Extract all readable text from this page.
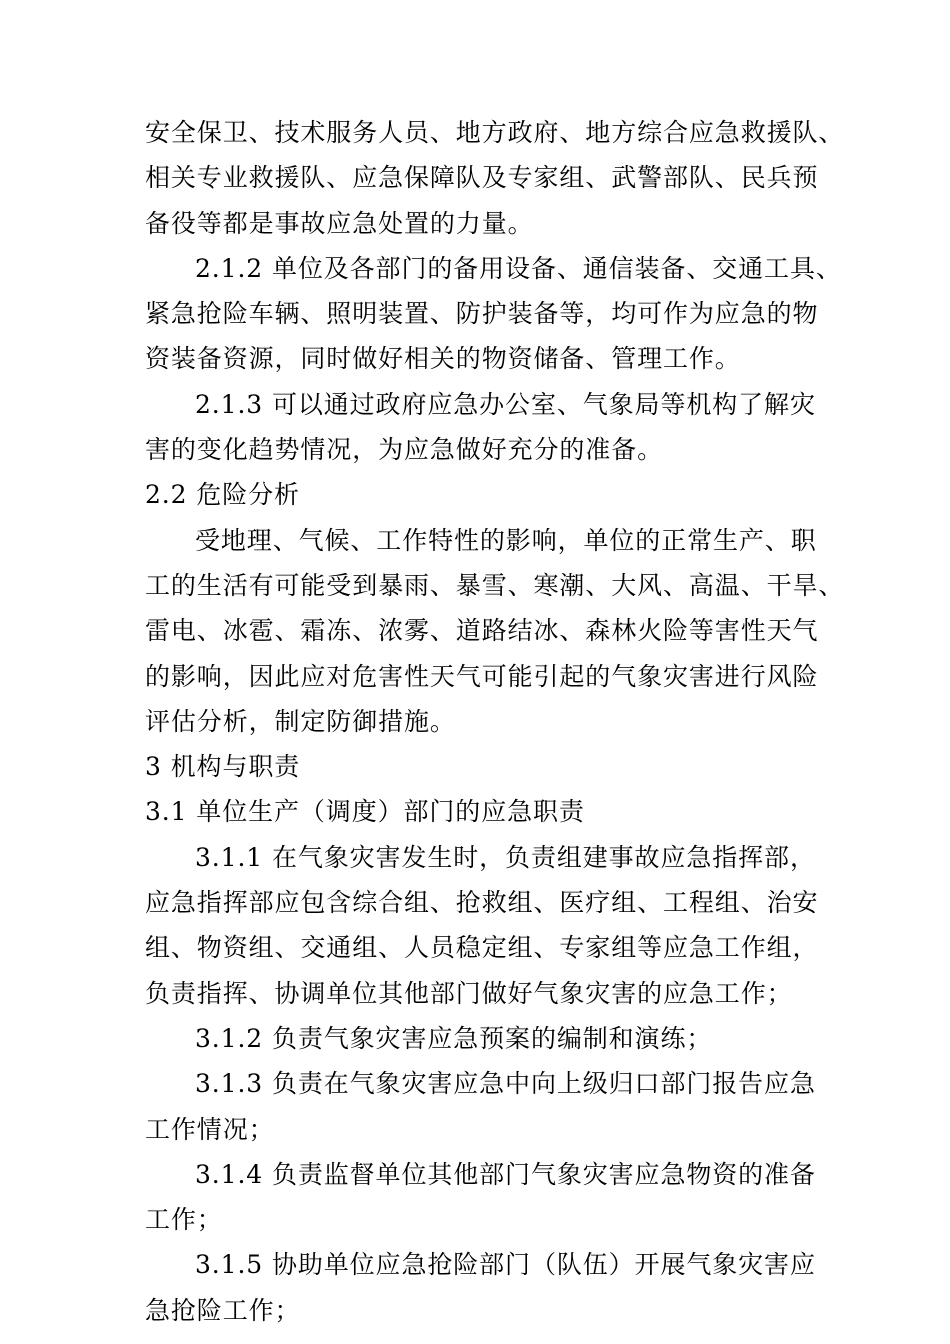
安全保卫、技术服务人员、地方政府、地方综合应急救援队、
相关专业救援队、应急保障队及专家组、武警部队、民兵预
备役等都是事故应急处置的力量。
2.1.2 单位及各部门的备用设备、通信装备、交通工具、
紧急抢险车辆、照明装置、防护装备等，均可作为应急的物
资装备资源，同时做好相关的物资储备、管理工作。
2.1.3 可以通过政府应急办公室、气象局等机构了解灾
害的变化趋势情况，为应急做好充分的准备。
2.2 危险分析
受地理、气候、工作特性的影响，单位的正常生产、职
工的生活有可能受到暴雨、暴雪、寒潮、大风、高温、干旱、
雷电、冰雹、霜冻、浓雾、道路结冰、森林火险等害性天气
的影响，因此应对危害性天气可能引起的气象灾害进行风险
评估分析，制定防御措施。
3 机构与职责
3.1 单位生产（调度）部门的应急职责
3.1.1 在气象灾害发生时，负责组建事故应急指挥部，
应急指挥部应包含综合组、抢救组、医疗组、工程组、治安
组、物资组、交通组、人员稳定组、专家组等应急工作组，
负责指挥、协调单位其他部门做好气象灾害的应急工作；
3.1.2 负责气象灾害应急预案的编制和演练；
3.1.3 负责在气象灾害应急中向上级归口部门报告应急
工作情况；
3.1.4 负责监督单位其他部门气象灾害应急物资的准备
工作；
3.1.5 协助单位应急抢险部门（队伍）开展气象灾害应
急抢险工作；
